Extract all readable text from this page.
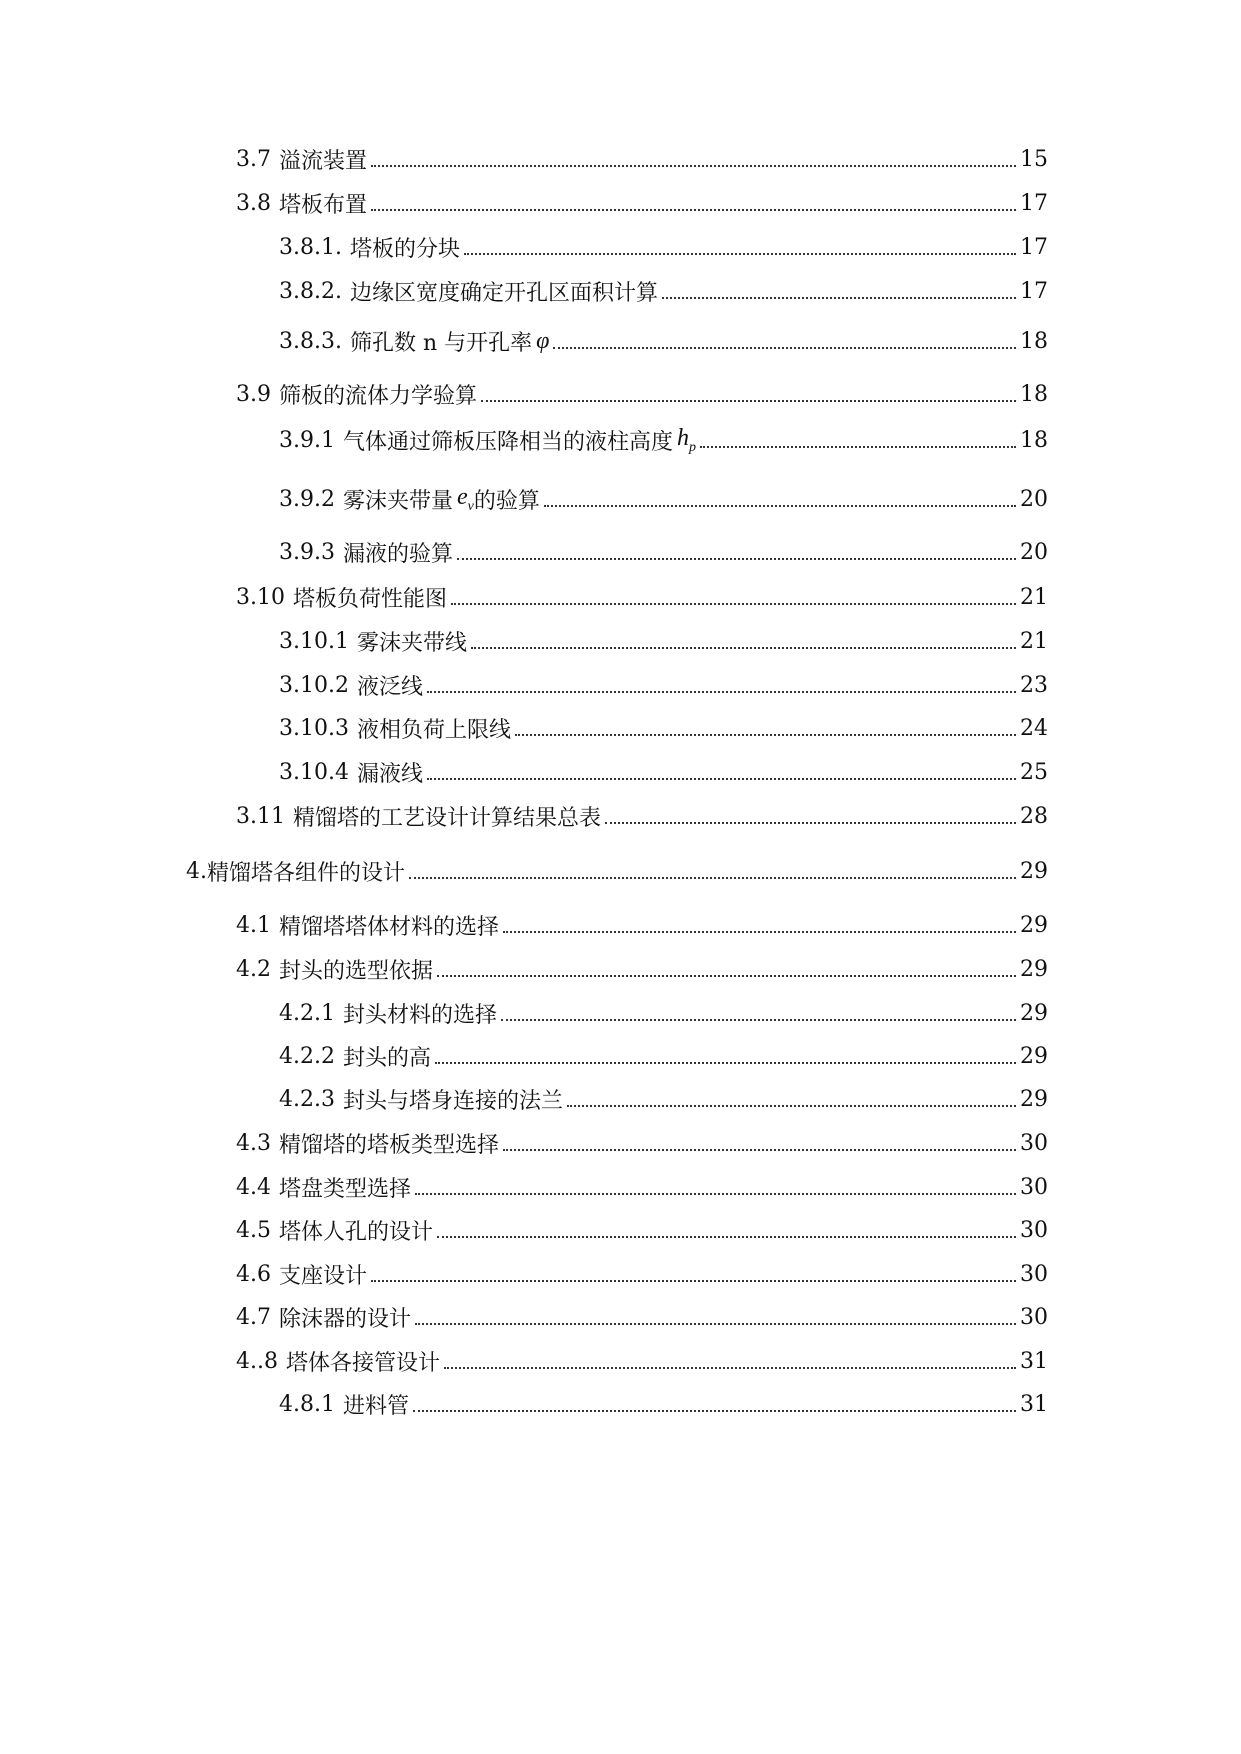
3.7 溢流装置	15
3.8 塔板布置	17
3.8.1. 塔板的分块	17
3.8.2. 边缘区宽度确定开孔区面积计算	17
3.8.3. 筛孔数 n 与开孔率 φ	18
3.9 筛板的流体力学验算	18
3.9.1 气体通过筛板压降相当的液柱高度 $h_p$	18
3.9.2 雾沫夹带量 $e_v$ 的验算	20
3.9.3 漏液的验算	20
3.10 塔板负荷性能图	21
3.10.1 雾沫夹带线	21
3.10.2 液泛线	23
3.10.3 液相负荷上限线	24
3.10.4 漏液线	25
3.11 精馏塔的工艺设计计算结果总表	28
4. 精馏塔各组件的设计	29
4.1 精馏塔塔体材料的选择	29
4.2 封头的选型依据	29
4.2.1 封头材料的选择	29
4.2.2 封头的高	29
4.2.3 封头与塔身连接的法兰	29
4.3 精馏塔的塔板类型选择	30
4.4 塔盘类型选择	30
4.5 塔体人孔的设计	30
4.6 支座设计	30
4.7 除沫器的设计	30
4..8 塔体各接管设计	31
4.8.1 进料管	31
